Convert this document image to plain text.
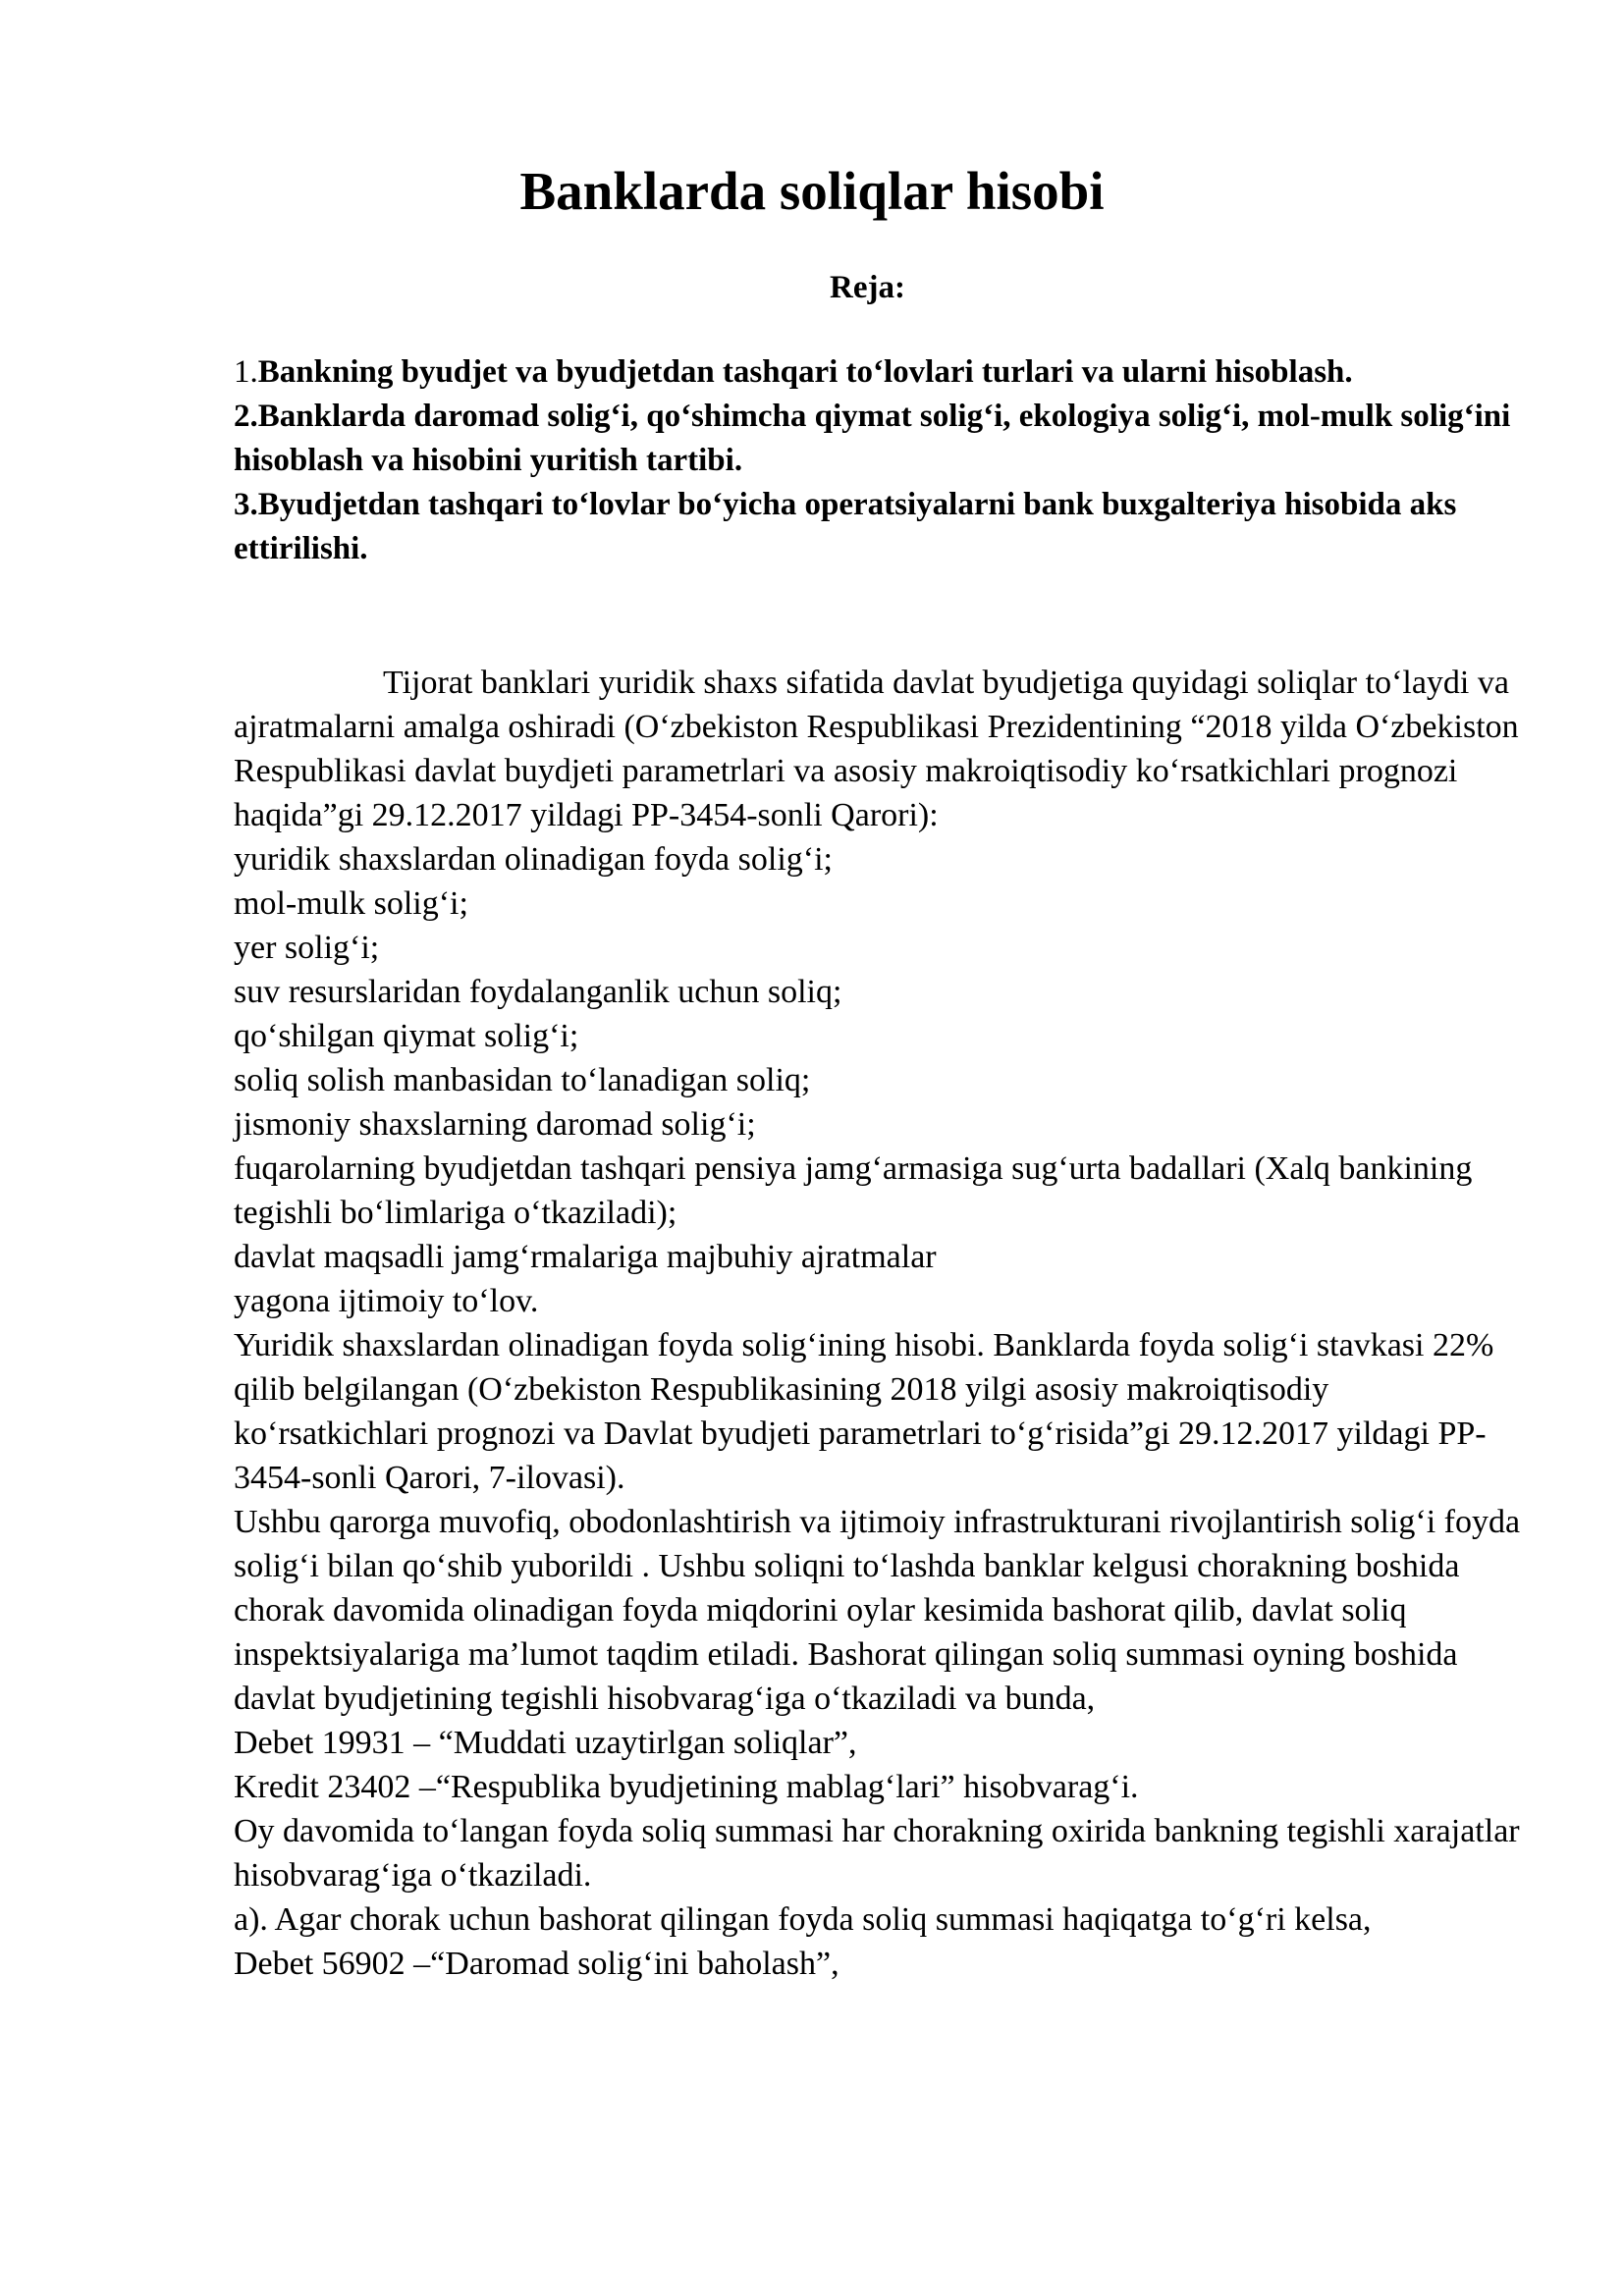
Banklarda soliqlar hisobi
Reja:
1.Bankning byudjet va byudjetdan tashqari to‘lovlari turlari va ularni hisoblash.
2.Banklarda daromad solig‘i, qo‘shimcha qiymat solig‘i, ekologiya solig‘i, mol-mulk solig‘ini hisoblash va hisobini yuritish tartibi.
3.Byudjetdan tashqari to‘lovlar bo‘yicha operatsiyalarni bank buxgalteriya hisobida aks ettirilishi.

Tijorat banklari yuridik shaxs sifatida davlat byudjetiga quyidagi soliqlar to‘laydi va ajratmalarni amalga oshiradi (O‘zbekiston Respublikasi Prezidentining “2018 yilda O‘zbekiston Respublikasi davlat buydjeti parametrlari va asosiy makroiqtisodiy ko‘rsatkichlari prognozi haqida”gi 29.12.2017 yildagi PP-3454-sonli Qarori):

yuridik shaxslardan olinadigan foyda solig‘i;

mol-mulk solig‘i;

yer solig‘i;

suv resurslaridan foydalanganlik uchun soliq;

qo‘shilgan qiymat solig‘i;

soliq solish manbasidan to‘lanadigan soliq;

jismoniy shaxslarning daromad solig‘i;

fuqarolarning byudjetdan tashqari pensiya jamg‘armasiga sug‘urta badallari (Xalq bankining tegishli bo‘limlariga o‘tkaziladi);

davlat maqsadli jamg‘rmalariga majbuhiy ajratmalar

yagona ijtimoiy to‘lov.

Yuridik shaxslardan olinadigan foyda solig‘ining hisobi. Banklarda foyda solig‘i stavkasi 22% qilib belgilangan (O‘zbekiston Respublikasining 2018 yilgi asosiy makroiqtisodiy ko‘rsatkichlari prognozi va Davlat byudjeti parametrlari to‘g‘risida”gi 29.12.2017 yildagi PP-3454-sonli Qarori, 7-ilovasi).

Ushbu qarorga muvofiq, obodonlashtirish va ijtimoiy infrastrukturani rivojlantirish solig‘i foyda solig‘i bilan qo‘shib yuborildi . Ushbu soliqni to‘lashda banklar kelgusi chorakning boshida chorak davomida olinadigan foyda miqdorini oylar kesimida bashorat qilib, davlat soliq inspektsiyalariga ma’lumot taqdim etiladi. Bashorat qilingan soliq summasi oyning boshida davlat byudjetining tegishli hisobvarag‘iga o‘tkaziladi va bunda,

Debet 19931 – “Muddati uzaytirlgan soliqlar”,

Kredit 23402 –“Respublika byudjetining mablag‘lari” hisobvarag‘i.

Oy davomida to‘langan foyda soliq summasi har chorakning oxirida bankning tegishli xarajatlar hisobvarag‘iga o‘tkaziladi.

a). Agar chorak uchun bashorat qilingan foyda soliq summasi haqiqatga to‘g‘ri kelsa,

Debet 56902 –“Daromad solig‘ini baholash”,
